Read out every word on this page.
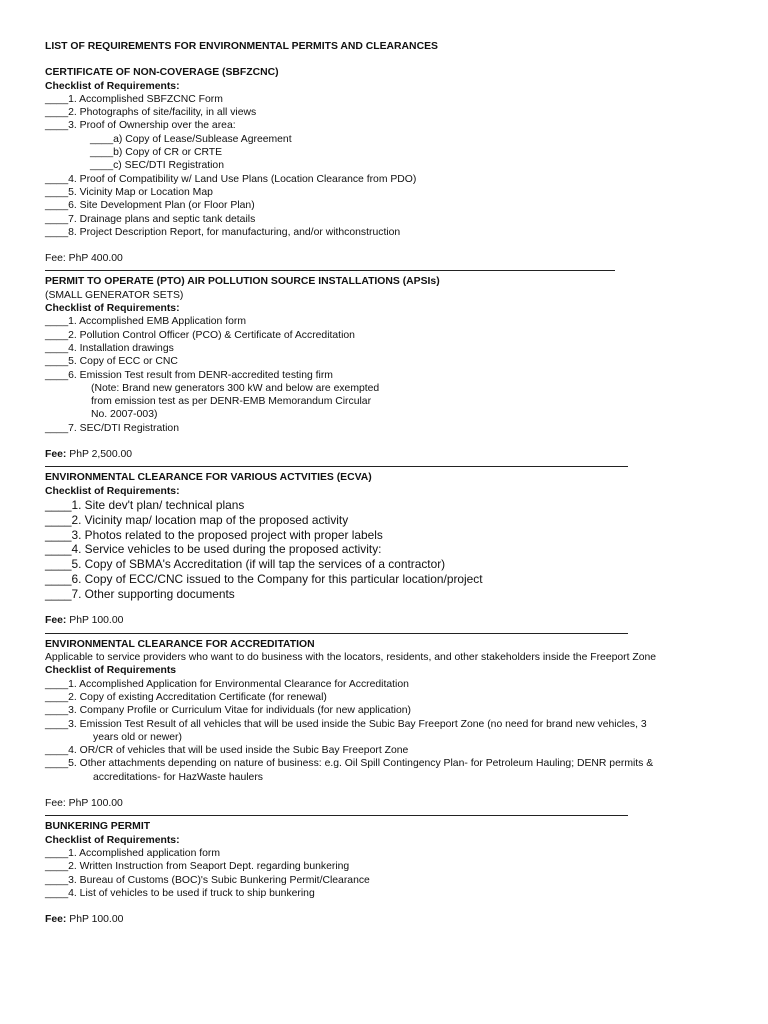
LIST OF REQUIREMENTS FOR ENVIRONMENTAL PERMITS AND CLEARANCES
CERTIFICATE OF NON-COVERAGE (SBFZCNC)
Checklist of Requirements:
____1. Accomplished SBFZCNC Form
____2. Photographs of site/facility, in all views
____3. Proof of Ownership over the area:
____a) Copy of Lease/Sublease Agreement
____b) Copy of CR or CRTE
____c) SEC/DTI Registration
____4. Proof of Compatibility w/ Land Use Plans (Location Clearance from PDO)
____5. Vicinity Map or Location Map
____6. Site Development Plan (or Floor Plan)
____7. Drainage plans and septic tank details
____8. Project Description Report, for manufacturing, and/or withconstruction
Fee: PhP 400.00
PERMIT TO OPERATE (PTO) AIR POLLUTION SOURCE INSTALLATIONS (APSIs)
(SMALL GENERATOR SETS)
Checklist of Requirements:
____1. Accomplished EMB Application form
____2. Pollution Control Officer (PCO) & Certificate of Accreditation
____4. Installation drawings
____5. Copy of ECC or CNC
____6. Emission Test result from DENR-accredited testing firm
(Note: Brand new generators 300 kW and below are exempted
from emission test as per DENR-EMB Memorandum Circular
No. 2007-003)
____7. SEC/DTI Registration
Fee: PhP 2,500.00
ENVIRONMENTAL CLEARANCE FOR VARIOUS ACTVITIES (ECVA)
Checklist of Requirements:
____1. Site dev't plan/ technical plans
____2. Vicinity map/ location map of the proposed activity
____3. Photos related to the proposed project with proper labels
____4. Service vehicles to be used during the proposed activity:
____5. Copy of SBMA's Accreditation (if will tap the services of a contractor)
____6. Copy of ECC/CNC issued to the Company for this particular location/project
____7. Other supporting documents
Fee: PhP 100.00
ENVIRONMENTAL CLEARANCE FOR ACCREDITATION
Applicable to service providers who want to do business with the locators, residents, and other stakeholders inside the Freeport Zone
Checklist of Requirements
____1. Accomplished Application for Environmental Clearance for Accreditation
____2. Copy of existing Accreditation Certificate (for renewal)
____3. Company Profile or Curriculum Vitae for individuals (for new application)
____3. Emission Test Result of all vehicles that will be used inside the Subic Bay Freeport Zone (no need for brand new vehicles, 3
years old or newer)
____4. OR/CR of vehicles that will be used inside the Subic Bay Freeport Zone
____5. Other attachments depending on nature of business: e.g. Oil Spill Contingency Plan- for Petroleum Hauling; DENR permits &
accreditations- for HazWaste haulers
Fee: PhP 100.00
BUNKERING PERMIT
Checklist of Requirements:
____1. Accomplished application form
____2. Written Instruction from Seaport Dept. regarding bunkering
____3. Bureau of Customs (BOC)'s Subic Bunkering Permit/Clearance
____4. List of vehicles to be used if truck to ship bunkering
Fee: PhP 100.00
